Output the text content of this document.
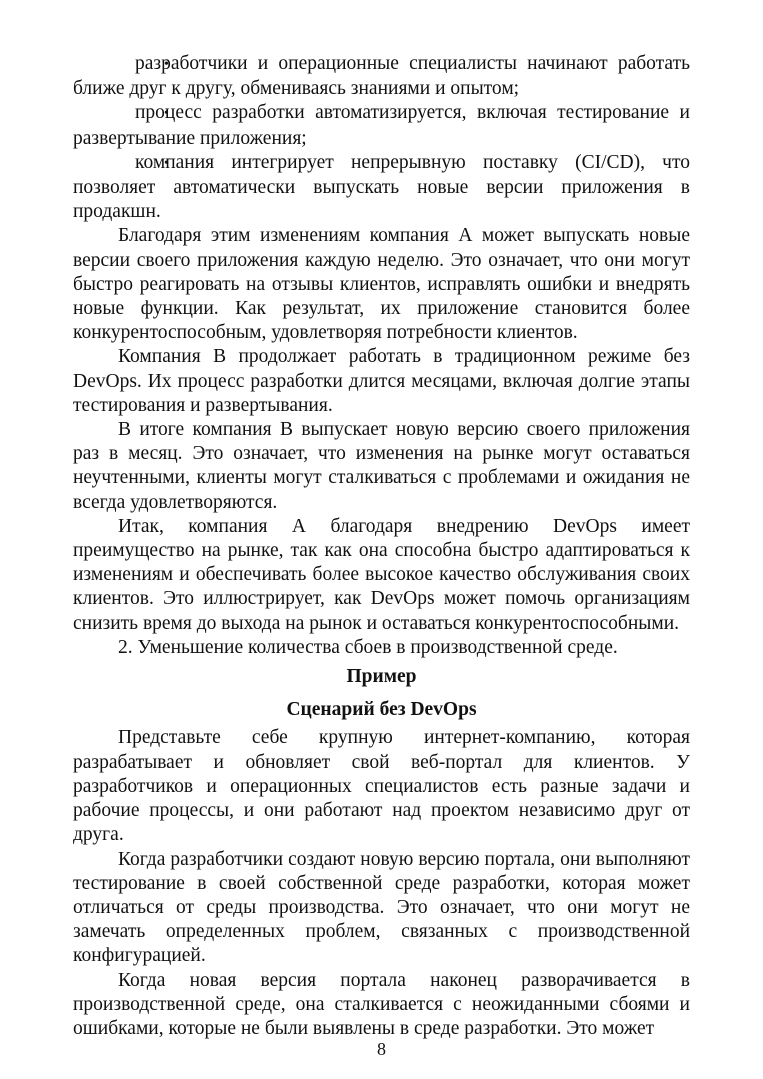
• разработчики и операционные специалисты начинают работать ближе друг к другу, обмениваясь знаниями и опытом;

• процесс разработки автоматизируется, включая тестирование и развертывание приложения;

• компания интегрирует непрерывную поставку (CI/CD), что позволяет автоматически выпускать новые версии приложения в продакшн.

Благодаря этим изменениям компания А может выпускать новые версии своего приложения каждую неделю. Это означает, что они могут быстро реагировать на отзывы клиентов, исправлять ошибки и внедрять новые функции. Как результат, их приложение становится более конкурентоспособным, удовлетворяя потребности клиентов.

Компания B продолжает работать в традиционном режиме без DevOps. Их процесс разработки длится месяцами, включая долгие этапы тестирования и развертывания.

В итоге компания B выпускает новую версию своего приложения раз в месяц. Это означает, что изменения на рынке могут оставаться неучтенными, клиенты могут сталкиваться с проблемами и ожидания не всегда удовлетворяются.

Итак, компания А благодаря внедрению DevOps имеет преимущество на рынке, так как она способна быстро адаптироваться к изменениям и обеспечивать более высокое качество обслуживания своих клиентов. Это иллюстрирует, как DevOps может помочь организациям снизить время до выхода на рынок и оставаться конкурентоспособными.

2. Уменьшение количества сбоев в производственной среде.

Пример
Сценарий без DevOps

Представьте себе крупную интернет-компанию, которая разрабатывает и обновляет свой веб-портал для клиентов. У разработчиков и операционных специалистов есть разные задачи и рабочие процессы, и они работают над проектом независимо друг от друга.

Когда разработчики создают новую версию портала, они выполняют тестирование в своей собственной среде разработки, которая может отличаться от среды производства. Это означает, что они могут не замечать определенных проблем, связанных с производственной конфигурацией.

Когда новая версия портала наконец разворачивается в производственной среде, она сталкивается с неожиданными сбоями и ошибками, которые не были выявлены в среде разработки. Это может

8
